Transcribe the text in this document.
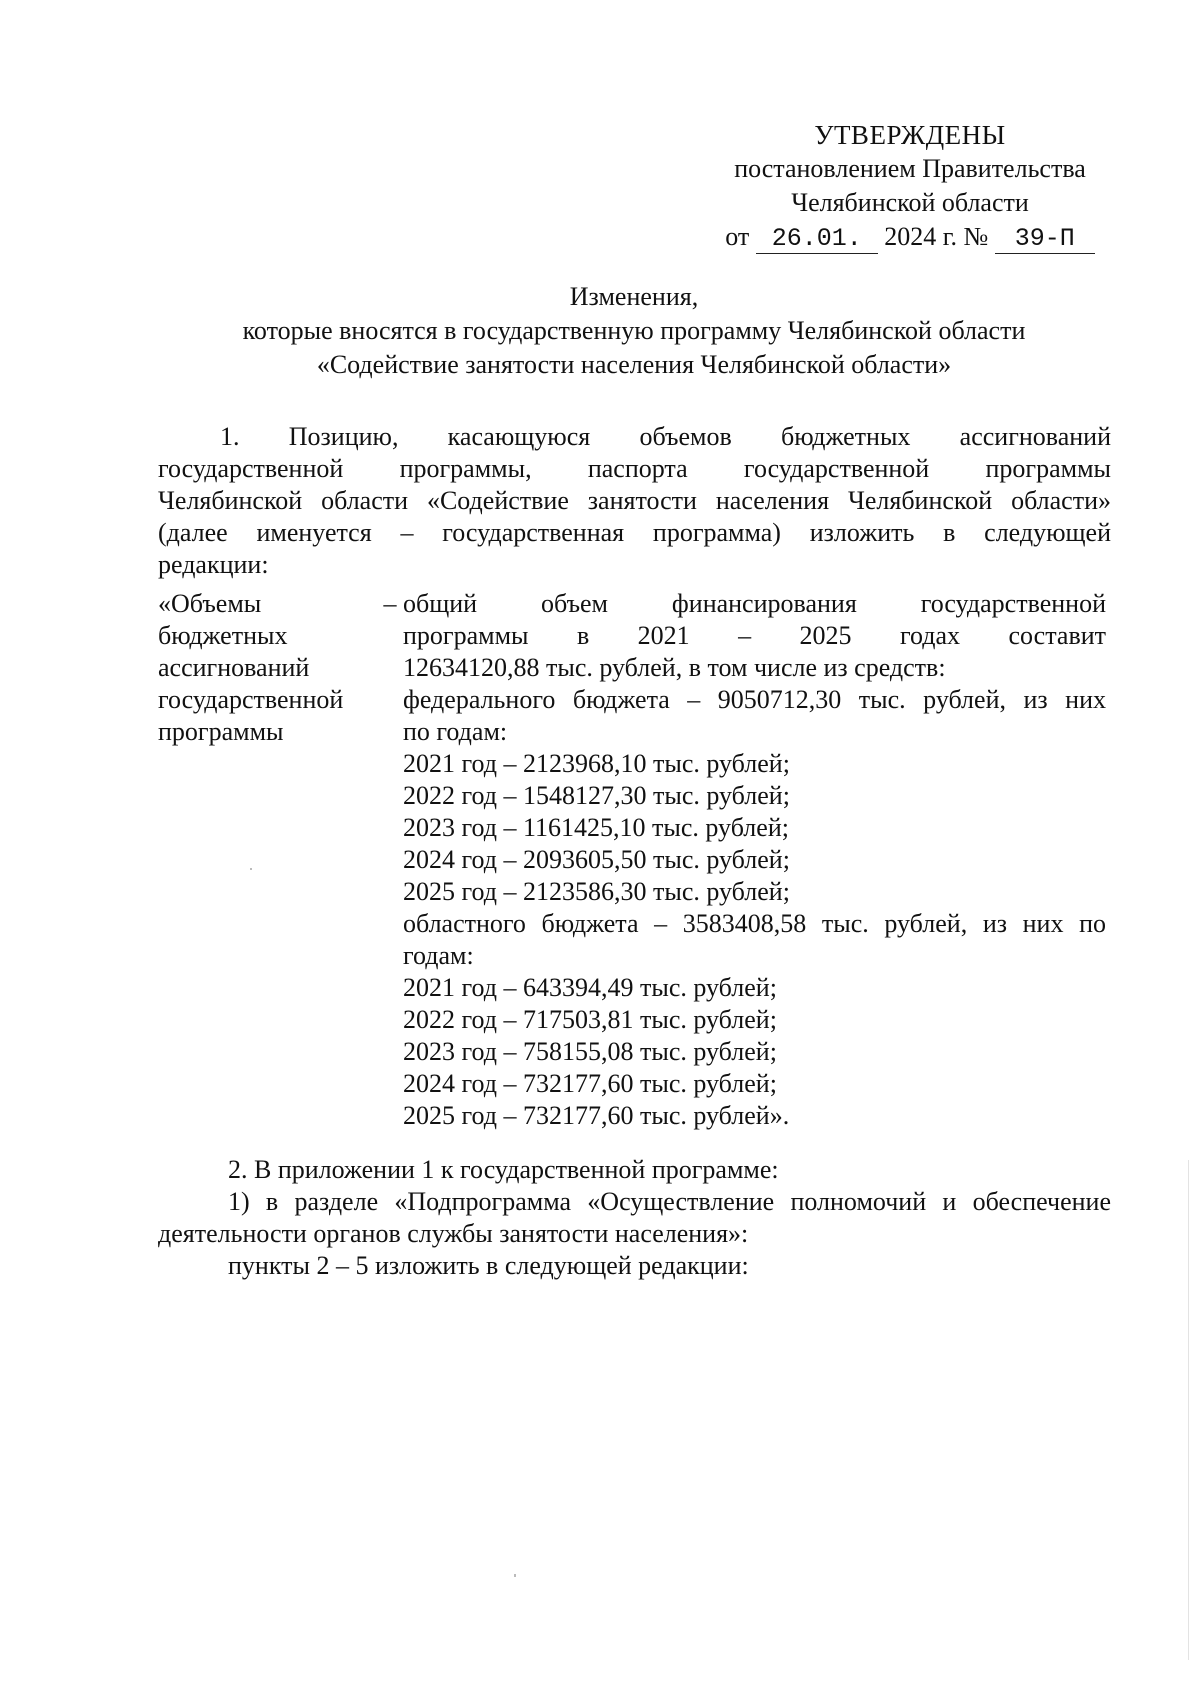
УТВЕРЖДЕНЫ
постановлением Правительства
Челябинской области
от 26.01. 2024 г. № 39-П
Изменения,
которые вносятся в государственную программу Челябинской области
«Содействие занятости населения Челябинской области»
1. Позицию, касающуюся объемов бюджетных ассигнований
государственной программы, паспорта государственной программы
Челябинской области «Содействие занятости населения Челябинской области»
(далее именуется – государственная программа) изложить в следующей
редакции:
«Объемы
бюджетных
ассигнований
государственной
программы
– общий объем финансирования государственной
программы в 2021 – 2025 годах составит
12634120,88 тыс. рублей, в том числе из средств:
федерального бюджета – 9050712,30 тыс. рублей, из них
по годам:
2021 год – 2123968,10 тыс. рублей;
2022 год – 1548127,30 тыс. рублей;
2023 год – 1161425,10 тыс. рублей;
2024 год – 2093605,50 тыс. рублей;
2025 год – 2123586,30 тыс. рублей;
областного бюджета – 3583408,58 тыс. рублей, из них по
годам:
2021 год – 643394,49 тыс. рублей;
2022 год – 717503,81 тыс. рублей;
2023 год – 758155,08 тыс. рублей;
2024 год – 732177,60 тыс. рублей;
2025 год – 732177,60 тыс. рублей».
2. В приложении 1 к государственной программе:
1) в разделе «Подпрограмма «Осуществление полномочий и обеспечение
деятельности органов службы занятости населения»:
пункты 2 – 5 изложить в следующей редакции:
